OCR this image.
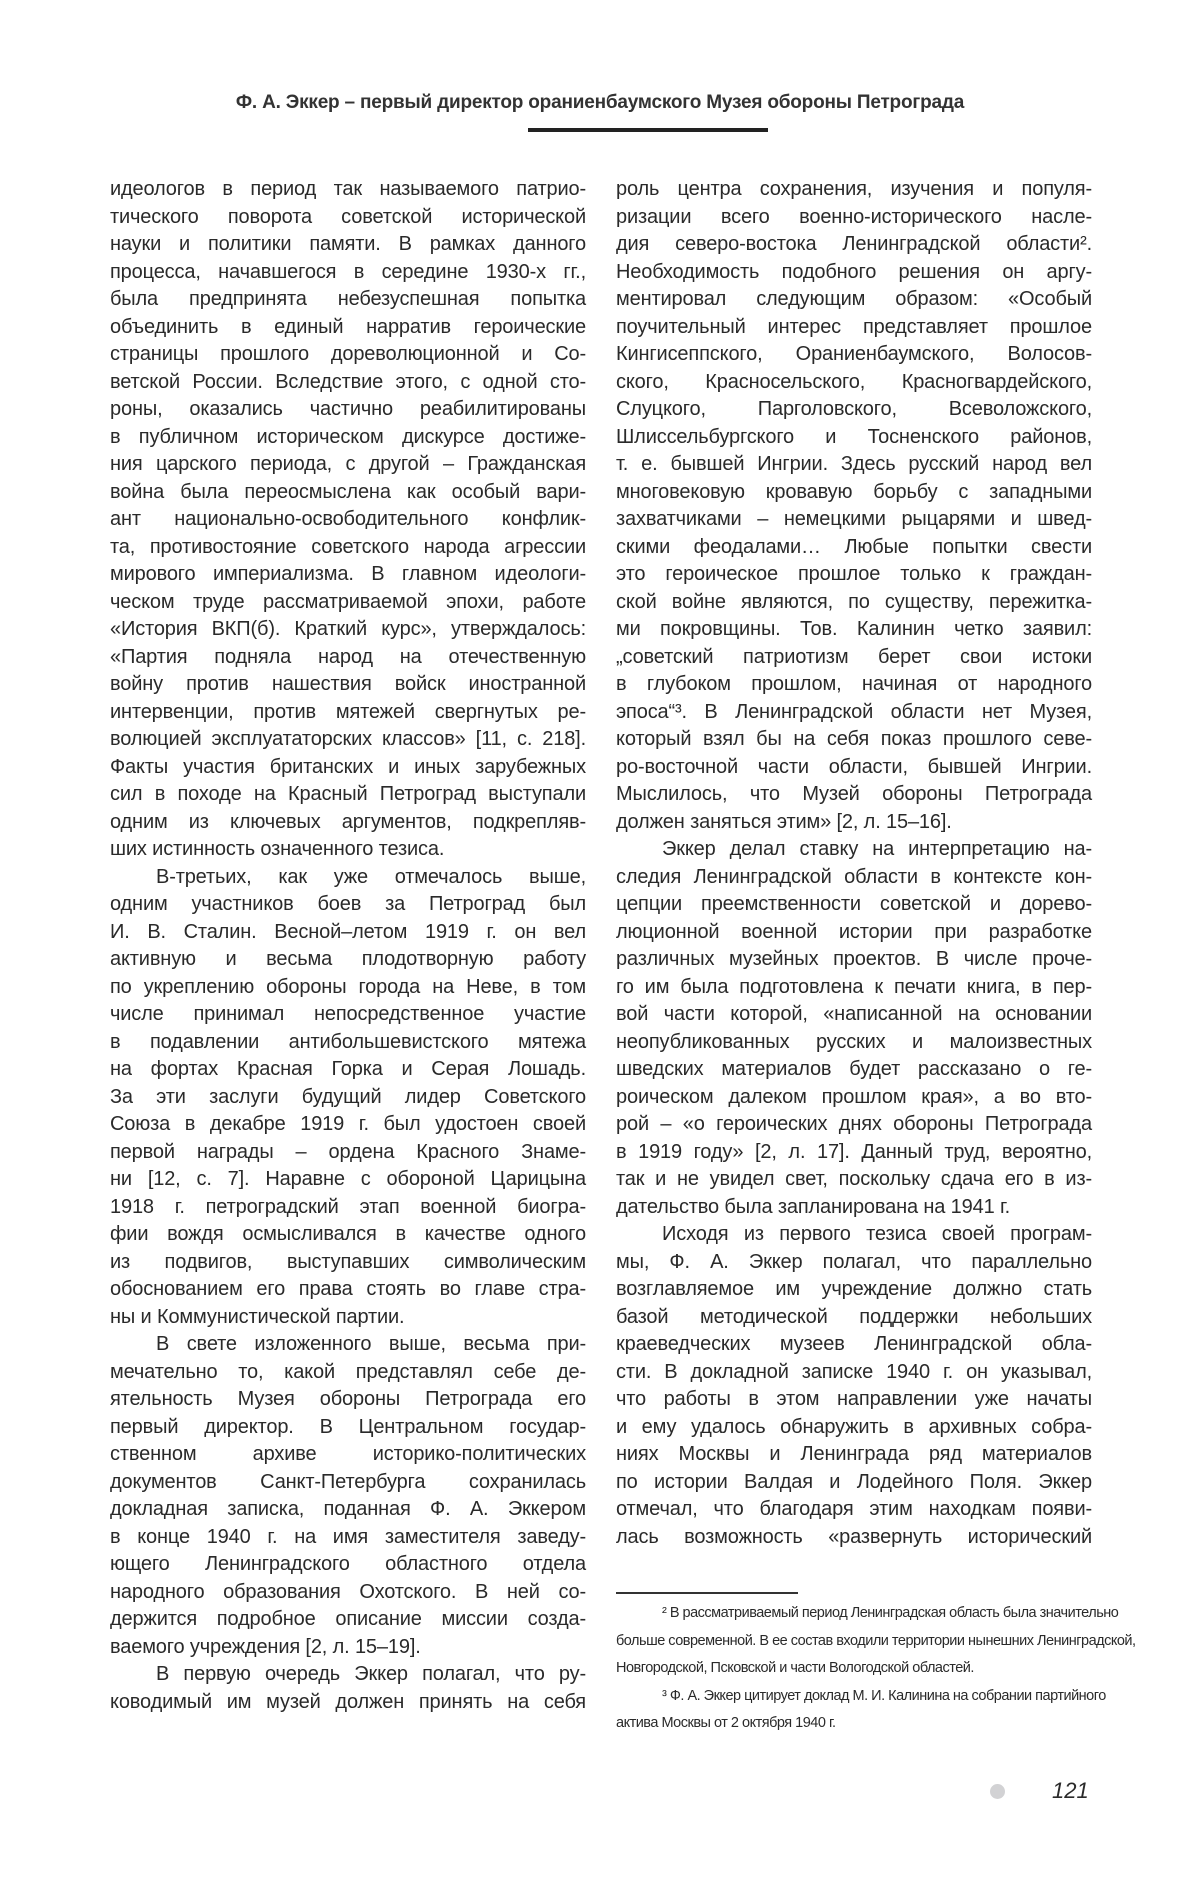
Ф. А. Эккер – первый директор ораниенбаумского Музея обороны Петрограда
идеологов в период так называемого патрио-
тического поворота советской исторической
науки и политики памяти. В рамках данного
процесса, начавшегося в середине 1930-х гг.,
была предпринята небезуспешная попытка
объединить в единый нарратив героические
страницы прошлого дореволюционной и Со-
ветской России. Вследствие этого, с одной сто-
роны, оказались частично реабилитированы
в публичном историческом дискурсе достиже-
ния царского периода, с другой – Гражданская
война была переосмыслена как особый вари-
ант национально-освободительного конфлик-
та, противостояние советского народа агрессии
мирового империализма. В главном идеологи-
ческом труде рассматриваемой эпохи, работе
«История ВКП(б). Краткий курс», утверждалось:
«Партия подняла народ на отечественную
войну против нашествия войск иностранной
интервенции, против мятежей свергнутых ре-
волюцией эксплуататорских классов» [11, с. 218].
Факты участия британских и иных зарубежных
сил в походе на Красный Петроград выступали
одним из ключевых аргументов, подкрепляв-
ших истинность означенного тезиса.
В-третьих, как уже отмечалось выше,
одним участников боев за Петроград был
И. В. Сталин. Весной–летом 1919 г. он вел
активную и весьма плодотворную работу
по укреплению обороны города на Неве, в том
числе принимал непосредственное участие
в подавлении антибольшевистского мятежа
на фортах Красная Горка и Серая Лошадь.
За эти заслуги будущий лидер Советского
Союза в декабре 1919 г. был удостоен своей
первой награды – ордена Красного Знаме-
ни [12, с. 7]. Наравне с обороной Царицына
1918 г. петроградский этап военной биогра-
фии вождя осмысливался в качестве одного
из подвигов, выступавших символическим
обоснованием его права стоять во главе стра-
ны и Коммунистической партии.
В свете изложенного выше, весьма при-
мечательно то, какой представлял себе де-
ятельность Музея обороны Петрограда его
первый директор. В Центральном государ-
ственном архиве историко-политических
документов Санкт-Петербурга сохранилась
докладная записка, поданная Ф. А. Эккером
в конце 1940 г. на имя заместителя заведу-
ющего Ленинградского областного отдела
народного образования Охотского. В ней со-
держится подробное описание миссии созда-
ваемого учреждения [2, л. 15–19].
В первую очередь Эккер полагал, что ру-
ководимый им музей должен принять на себя
роль центра сохранения, изучения и популя-
ризации всего военно-исторического насле-
дия северо-востока Ленинградской области².
Необходимость подобного решения он аргу-
ментировал следующим образом: «Особый
поучительный интерес представляет прошлое
Кингисеппского, Ораниенбаумского, Волосов-
ского, Красносельского, Красногвардейского,
Слуцкого, Парголовского, Всеволожского,
Шлиссельбургского и Тосненского районов,
т. е. бывшей Ингрии. Здесь русский народ вел
многовековую кровавую борьбу с западными
захватчиками – немецкими рыцарями и швед-
скими феодалами… Любые попытки свести
это героическое прошлое только к граждан-
ской войне являются, по существу, пережитка-
ми покровщины. Тов. Калинин четко заявил:
„советский патриотизм берет свои истоки
в глубоком прошлом, начиная от народного
эпоса“³. В Ленинградской области нет Музея,
который взял бы на себя показ прошлого севе-
ро-восточной части области, бывшей Ингрии.
Мыслилось, что Музей обороны Петрограда
должен заняться этим» [2, л. 15–16].
Эккер делал ставку на интерпретацию на-
следия Ленинградской области в контексте кон-
цепции преемственности советской и дорево-
люционной военной истории при разработке
различных музейных проектов. В числе проче-
го им была подготовлена к печати книга, в пер-
вой части которой, «написанной на основании
неопубликованных русских и малоизвестных
шведских материалов будет рассказано о ге-
роическом далеком прошлом края», а во вто-
рой – «о героических днях обороны Петрограда
в 1919 году» [2, л. 17]. Данный труд, вероятно,
так и не увидел свет, поскольку сдача его в из-
дательство была запланирована на 1941 г.
Исходя из первого тезиса своей програм-
мы, Ф. А. Эккер полагал, что параллельно
возглавляемое им учреждение должно стать
базой методической поддержки небольших
краеведческих музеев Ленинградской обла-
сти. В докладной записке 1940 г. он указывал,
что работы в этом направлении уже начаты
и ему удалось обнаружить в архивных собра-
ниях Москвы и Ленинграда ряд материалов
по истории Валдая и Лодейного Поля. Эккер
отмечал, что благодаря этим находкам появи-
лась возможность «развернуть исторический
² В рассматриваемый период Ленинградская область была значительно
больше современной. В ее состав входили территории нынешних Ленинградской,
Новгородской, Псковской и части Вологодской областей.
³ Ф. А. Эккер цитирует доклад М. И. Калинина на собрании партийного
актива Москвы от 2 октября 1940 г.
121
